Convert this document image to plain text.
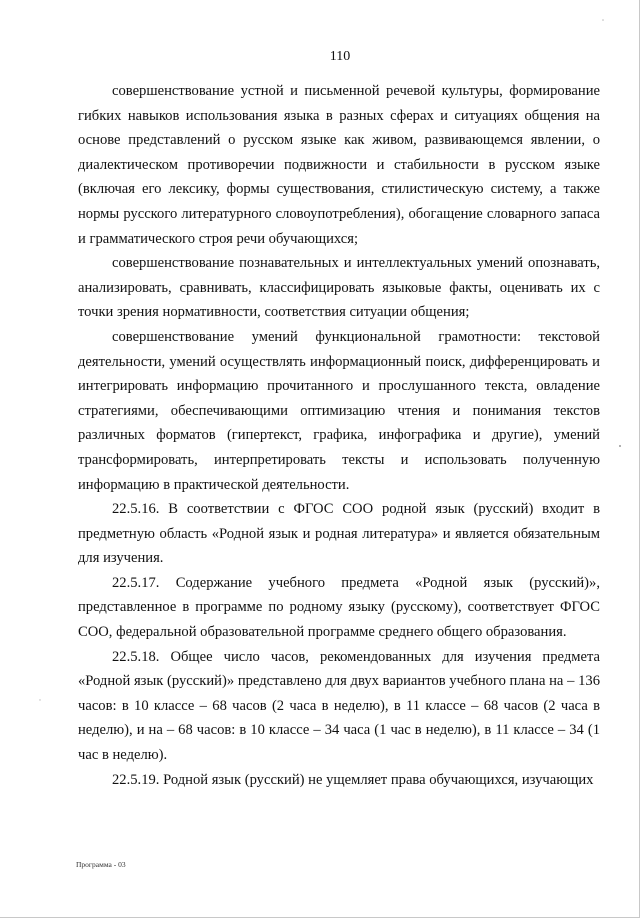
110

совершенствование устной и письменной речевой культуры, формирование гибких навыков использования языка в разных сферах и ситуациях общения на основе представлений о русском языке как живом, развивающемся явлении, о диалектическом противоречии подвижности и стабильности в русском языке (включая его лексику, формы существования, стилистическую систему, а также нормы русского литературного словоупотребления), обогащение словарного запаса и грамматического строя речи обучающихся;

совершенствование познавательных и интеллектуальных умений опознавать, анализировать, сравнивать, классифицировать языковые факты, оценивать их с точки зрения нормативности, соответствия ситуации общения;

совершенствование умений функциональной грамотности: текстовой деятельности, умений осуществлять информационный поиск, дифференцировать и интегрировать информацию прочитанного и прослушанного текста, овладение стратегиями, обеспечивающими оптимизацию чтения и понимания текстов различных форматов (гипертекст, графика, инфографика и другие), умений трансформировать, интерпретировать тексты и использовать полученную информацию в практической деятельности.

22.5.16. В соответствии с ФГОС СОО родной язык (русский) входит в предметную область «Родной язык и родная литература» и является обязательным для изучения.

22.5.17. Содержание учебного предмета «Родной язык (русский)», представленное в программе по родному языку (русскому), соответствует ФГОС СОО, федеральной образовательной программе среднего общего образования.

22.5.18. Общее число часов, рекомендованных для изучения предмета «Родной язык (русский)» представлено для двух вариантов учебного плана на – 136 часов: в 10 классе – 68 часов (2 часа в неделю), в 11 классе – 68 часов (2 часа в неделю), и на – 68 часов: в 10 классе – 34 часа (1 час в неделю), в 11 классе – 34 (1 час в неделю).

22.5.19. Родной язык (русский) не ущемляет права обучающихся, изучающих

Программа - 03
